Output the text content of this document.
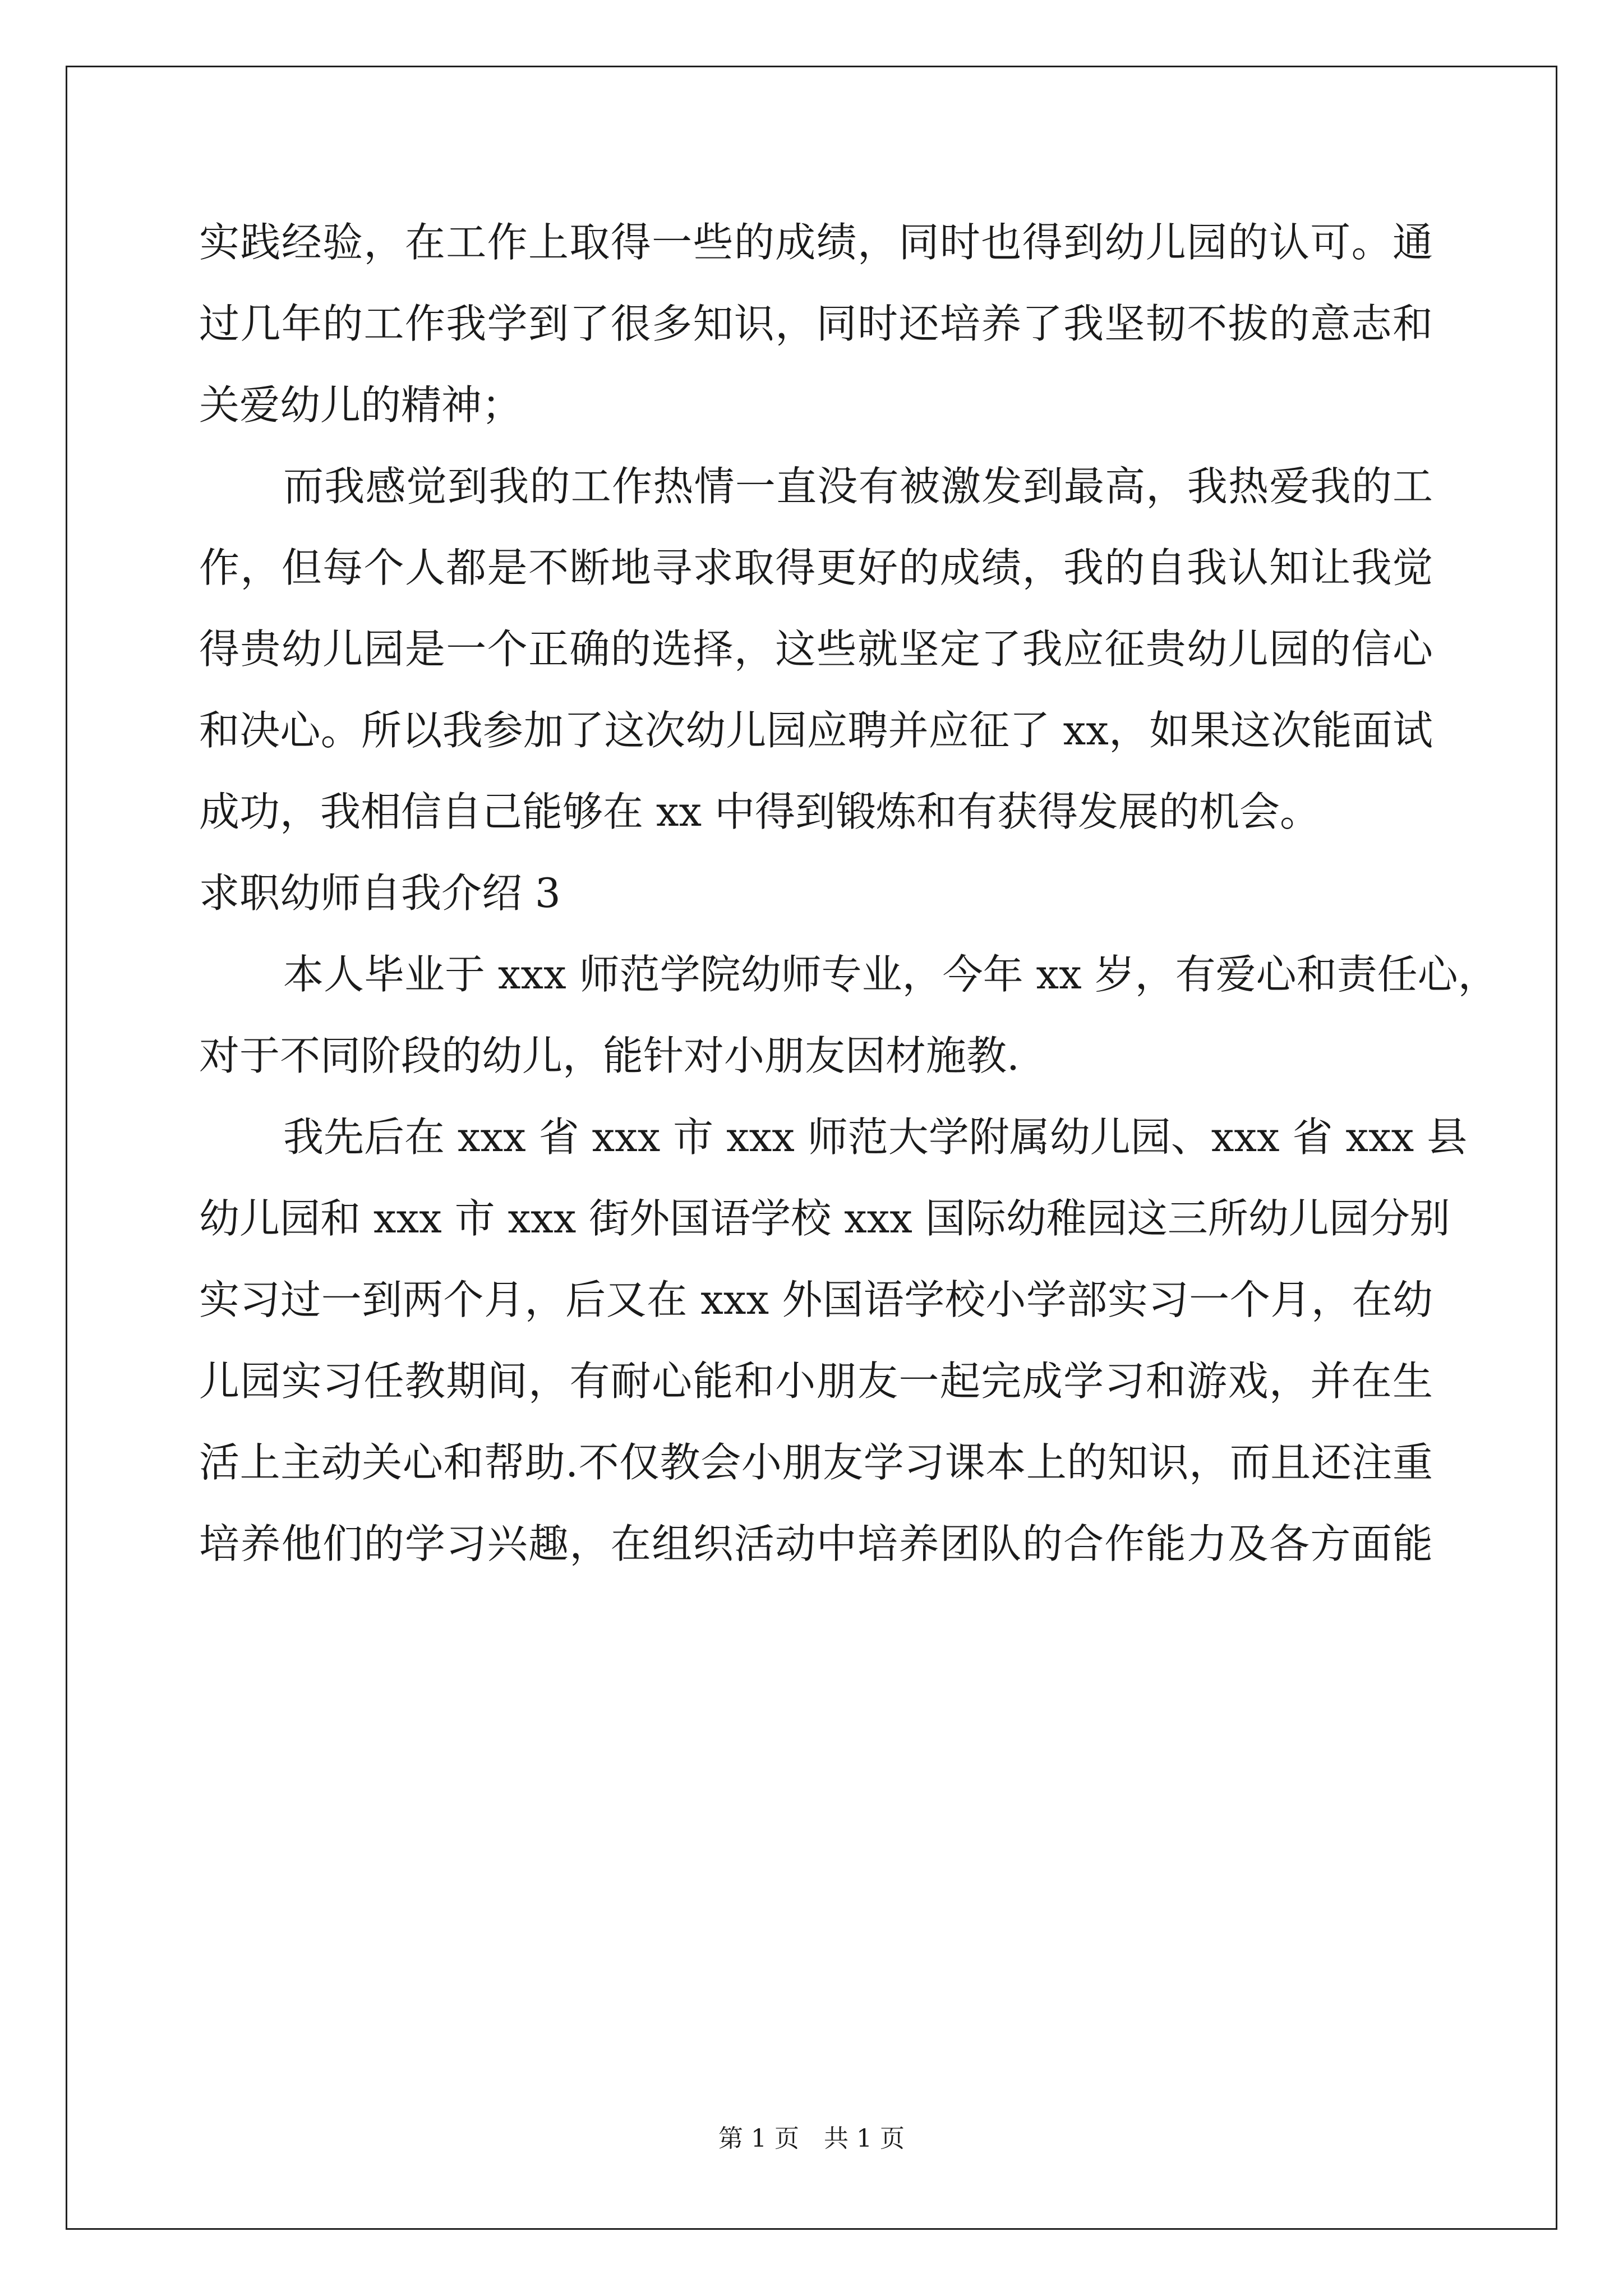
实践经验，在工作上取得一些的成绩，同时也得到幼儿园的认可。通
过几年的工作我学到了很多知识，同时还培养了我坚韧不拔的意志和
关爱幼儿的精神；
而我感觉到我的工作热情一直没有被激发到最高，我热爱我的工
作，但每个人都是不断地寻求取得更好的成绩，我的自我认知让我觉
得贵幼儿园是一个正确的选择，这些就坚定了我应征贵幼儿园的信心
和决心。所以我参加了这次幼儿园应聘并应征了 xx，如果这次能面试
成功，我相信自己能够在 xx 中得到锻炼和有获得发展的机会。
求职幼师自我介绍 3
本人毕业于 xxx 师范学院幼师专业，今年 xx 岁，有爱心和责任心，
对于不同阶段的幼儿，能针对小朋友因材施教.
我先后在 xxx 省 xxx 市 xxx 师范大学附属幼儿园、xxx 省 xxx 县
幼儿园和 xxx 市 xxx 街外国语学校 xxx 国际幼稚园这三所幼儿园分别
实习过一到两个月，后又在 xxx 外国语学校小学部实习一个月，在幼
儿园实习任教期间，有耐心能和小朋友一起完成学习和游戏，并在生
活上主动关心和帮助.不仅教会小朋友学习课本上的知识，而且还注重
培养他们的学习兴趣，在组织活动中培养团队的合作能力及各方面能
第 1 页　共 1 页
